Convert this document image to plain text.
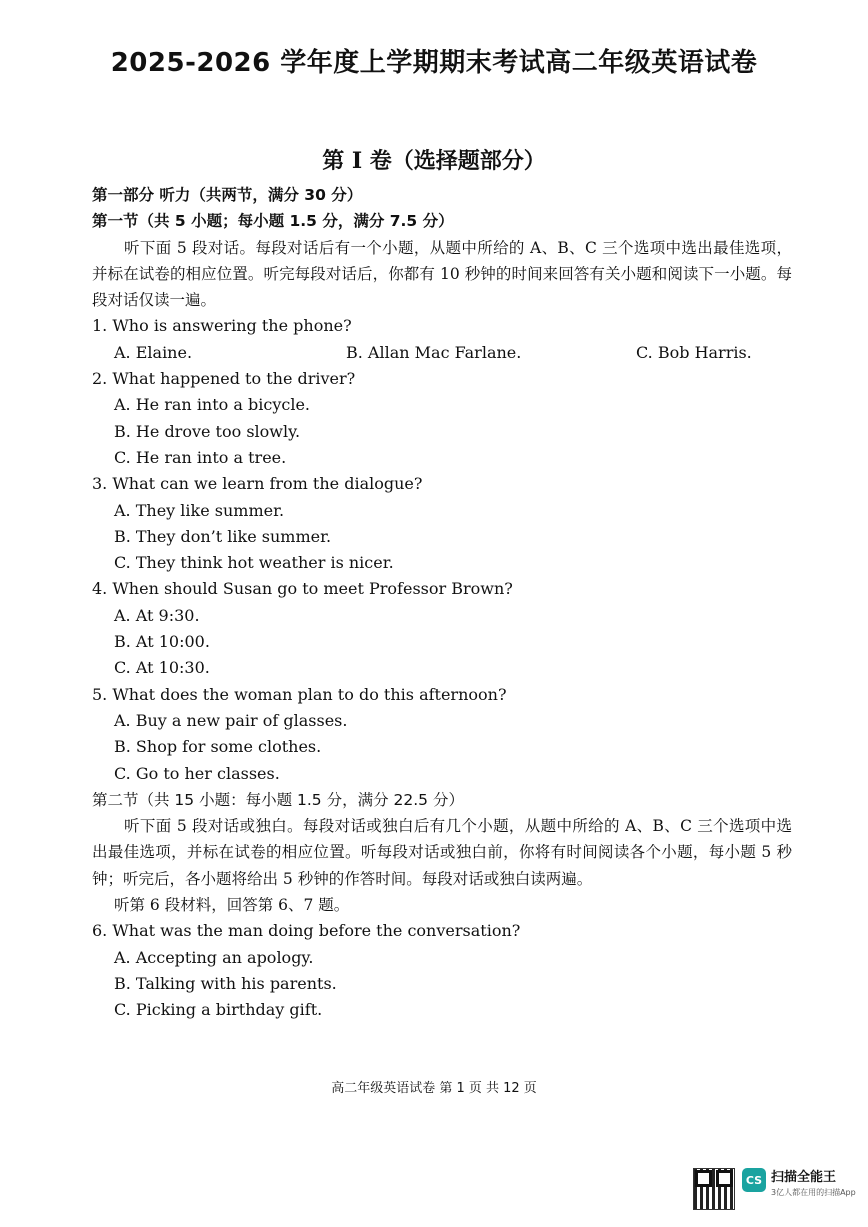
2025-2026 学年度上学期期末考试高二年级英语试卷
第 I 卷（选择题部分）
第一部分 听力（共两节，满分 30 分）
第一节（共 5 小题；每小题 1.5 分，满分 7.5 分）
听下面 5 段对话。每段对话后有一个小题，从题中所给的 A、B、C 三个选项中选出最佳选项，并标在试卷的相应位置。听完每段对话后，你都有 10 秒钟的时间来回答有关小题和阅读下一小题。每段对话仅读一遍。
1. Who is answering the phone?
A. Elaine.	B. Allan Mac Farlane.	C. Bob Harris.
2. What happened to the driver?
A. He ran into a bicycle.
B. He drove too slowly.
C. He ran into a tree.
3. What can we learn from the dialogue?
A. They like summer.
B. They don’t like summer.
C. They think hot weather is nicer.
4. When should Susan go to meet Professor Brown?
A. At 9:30.
B. At 10:00.
C. At 10:30.
5. What does the woman plan to do this afternoon?
A. Buy a new pair of glasses.
B. Shop for some clothes.
C. Go to her classes.
第二节（共 15 小题：每小题 1.5 分，满分 22.5 分）
听下面 5 段对话或独白。每段对话或独白后有几个小题，从题中所给的 A、B、C 三个选项中选出最佳选项，并标在试卷的相应位置。听每段对话或独白前，你将有时间阅读各个小题，每小题 5 秒钟；听完后，各小题将给出 5 秒钟的作答时间。每段对话或独白读两遍。
听第 6 段材料，回答第 6、7 题。
6. What was the man doing before the conversation?
A. Accepting an apology.
B. Talking with his parents.
C. Picking a birthday gift.
高二年级英语试卷 第 1 页 共 12 页
CS 扫描全能王
3亿人都在用的扫描App
